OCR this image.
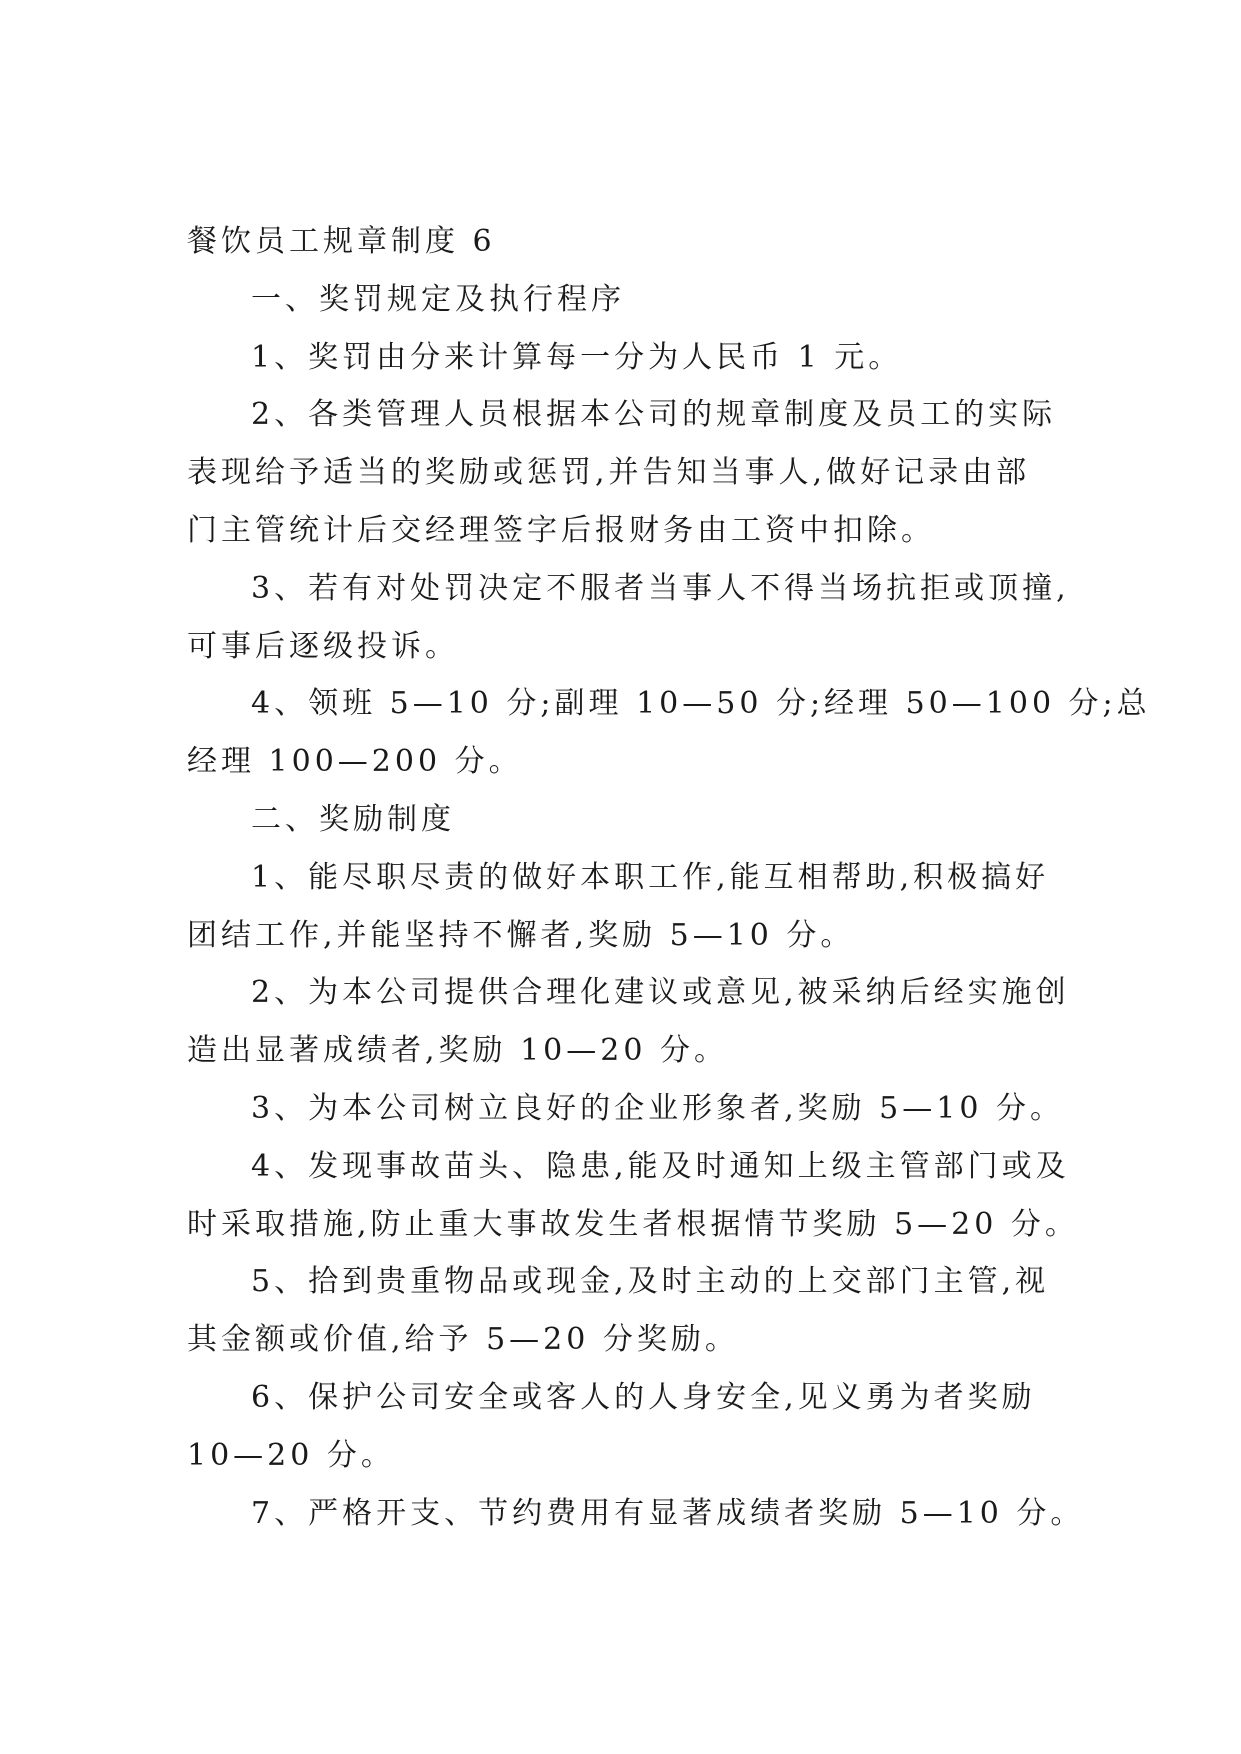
餐饮员工规章制度 6
一、奖罚规定及执行程序
1、奖罚由分来计算每一分为人民币 1 元。
2、各类管理人员根据本公司的规章制度及员工的实际
表现给予适当的奖励或惩罚,并告知当事人,做好记录由部
门主管统计后交经理签字后报财务由工资中扣除。
3、若有对处罚决定不服者当事人不得当场抗拒或顶撞,
可事后逐级投诉。
4、领班 5—10 分;副理 10—50 分;经理 50—100 分;总
经理 100—200 分。
二、奖励制度
1、能尽职尽责的做好本职工作,能互相帮助,积极搞好
团结工作,并能坚持不懈者,奖励 5—10 分。
2、为本公司提供合理化建议或意见,被采纳后经实施创
造出显著成绩者,奖励 10—20 分。
3、为本公司树立良好的企业形象者,奖励 5—10 分。
4、发现事故苗头、隐患,能及时通知上级主管部门或及
时采取措施,防止重大事故发生者根据情节奖励 5—20 分。
5、拾到贵重物品或现金,及时主动的上交部门主管,视
其金额或价值,给予 5—20 分奖励。
6、保护公司安全或客人的人身安全,见义勇为者奖励
10—20 分。
7、严格开支、节约费用有显著成绩者奖励 5—10 分。
